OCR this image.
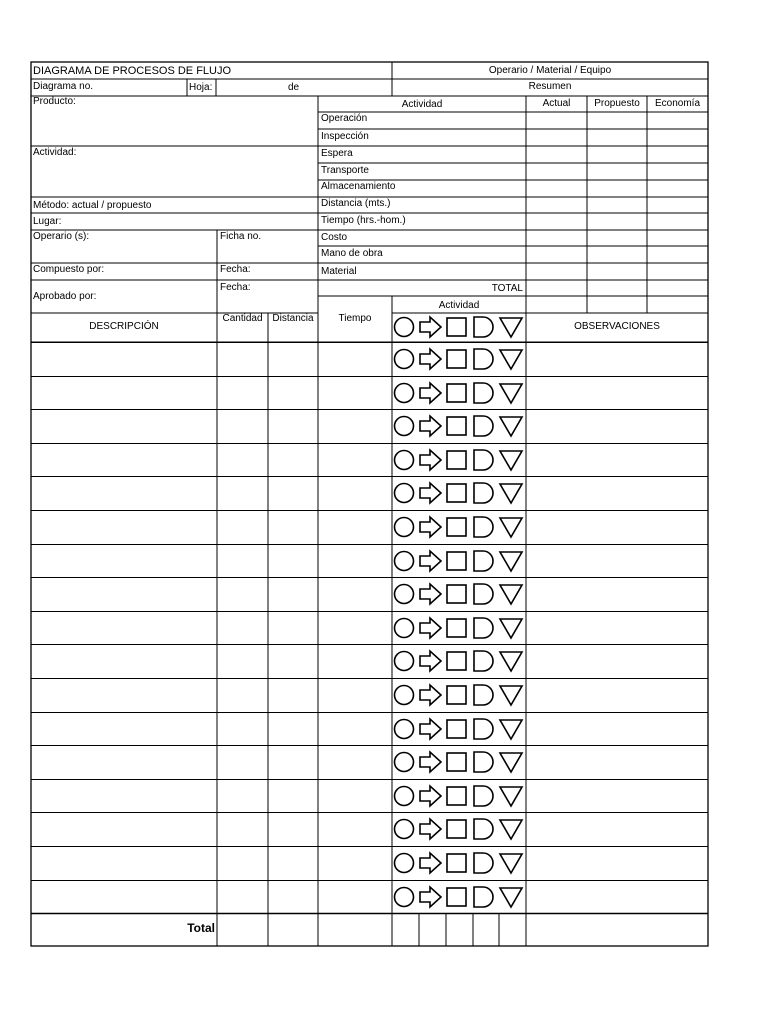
DIAGRAMA DE PROCESOS DE FLUJO	Operario / Material / Equipo
Diagrama no.	Hoja:	de	Resumen
Producto:
Actividad:
Método: actual / propuesto
Lugar:
Operario (s):	Ficha no.
Compuesto por:	Fecha:
Aprobado por:
Fecha:
Actividad	Actual	Propuesto	Economía
Operación
Inspección
Espera
Transporte
Almacenamiento
Distancia (mts.)
Tiempo (hrs.-hom.)
Costo
Mano de obra
Material
TOTAL
Actividad
DESCRIPCIÓN
Cantidad Distancia	Tiempo
OBSERVACIONES
Total
